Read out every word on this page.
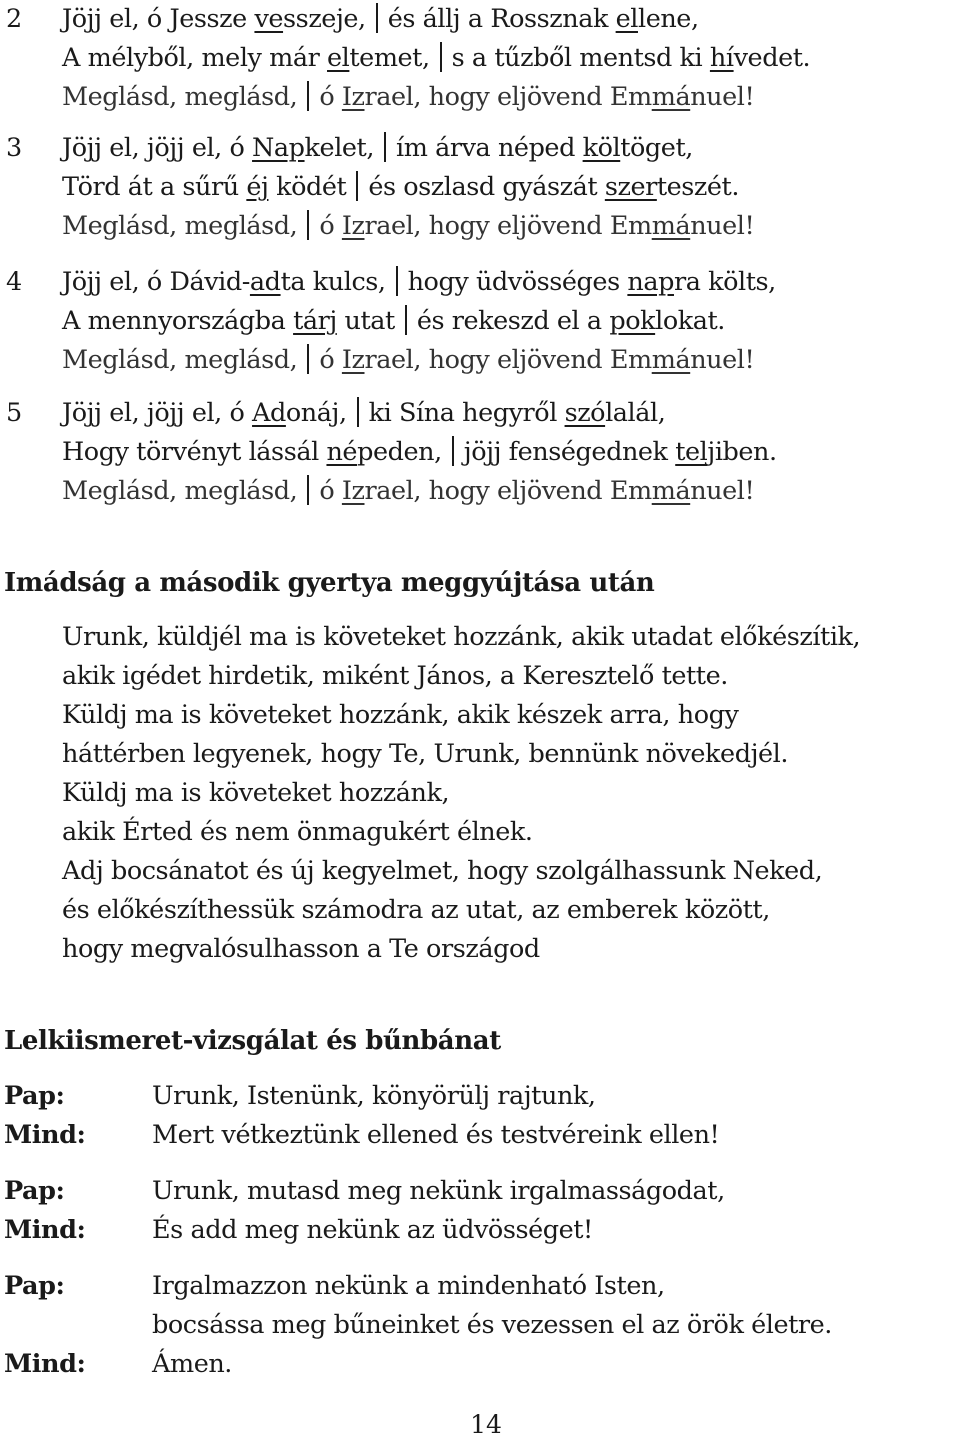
2 Jöjj el, ó Jessze vesszeje, és állj a Rossznak ellene,
A mélyből, mely már eltemet, s a tűzből mentsd ki hívedet.
Meglásd, meglásd, ó Izrael, hogy eljövend Emmánuel!
3 Jöjj el, jöjj el, ó Napkelet, ím árva néped költöget,
Törd át a sűrű éj ködét és oszlasd gyászát szerteszét.
Meglásd, meglásd, ó Izrael, hogy eljövend Emmánuel!
4 Jöjj el, ó Dávid-adta kulcs, hogy üdvösséges napra költs,
A mennyországba tárj utat és rekeszd el a poklokat.
Meglásd, meglásd, ó Izrael, hogy eljövend Emmánuel!
5 Jöjj el, jöjj el, ó Adonáj, ki Sína hegyről szólalál,
Hogy törvényt lássál népeden, jöjj fenségednek teljiben.
Meglásd, meglásd, ó Izrael, hogy eljövend Emmánuel!
Imádság a második gyertya meggyújtása után
Urunk, küldjél ma is követeket hozzánk, akik utadat előkészítik,
akik igédet hirdetik, miként János, a Keresztelő tette.
Küldj ma is követeket hozzánk, akik készek arra, hogy
háttérben legyenek, hogy Te, Urunk, bennünk növekedjél.
Küldj ma is követeket hozzánk,
akik Érted és nem önmagukért élnek.
Adj bocsánatot és új kegyelmet, hogy szolgálhassunk Neked,
és előkészíthessük számodra az utat, az emberek között,
hogy megvalósulhasson a Te országod
Lelkiismeret-vizsgálat és bűnbánat
Pap:	Urunk, Istenünk, könyörülj rajtunk,
Mind:	Mert vétkeztünk ellened és testvéreink ellen!
Pap:	Urunk, mutasd meg nekünk irgalmasságodat,
Mind:	És add meg nekünk az üdvösséget!
Pap:	Irgalmazzon nekünk a mindenható Isten,
bocsássa meg bűneinket és vezessen el az örök életre.
Mind:	Ámen.
14
